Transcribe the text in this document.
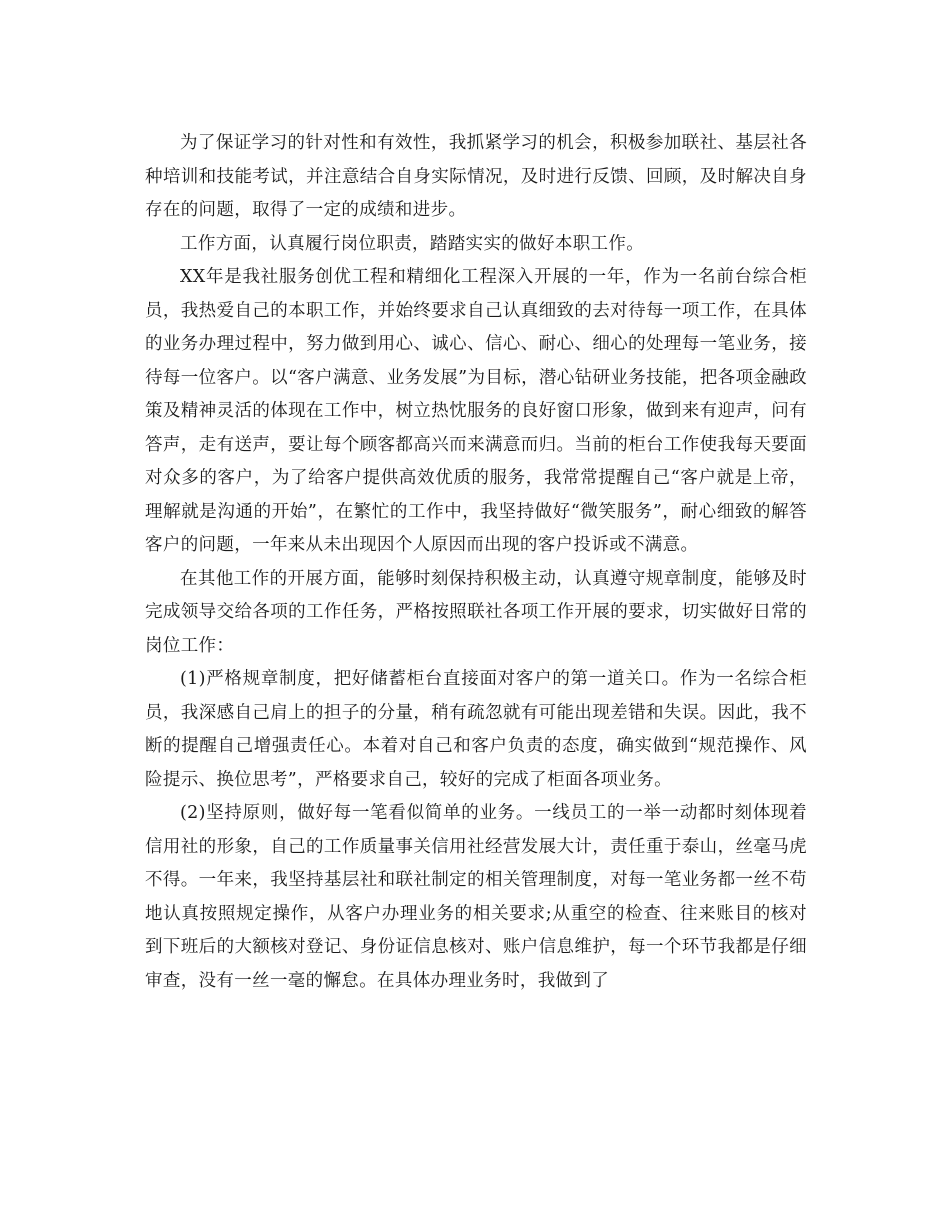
为了保证学习的针对性和有效性，我抓紧学习的机会，积极参加联社、基层社各种培训和技能考试，并注意结合自身实际情况，及时进行反馈、回顾，及时解决自身存在的问题，取得了一定的成绩和进步。

工作方面，认真履行岗位职责，踏踏实实的做好本职工作。

XX年是我社服务创优工程和精细化工程深入开展的一年，作为一名前台综合柜员，我热爱自己的本职工作，并始终要求自己认真细致的去对待每一项工作，在具体的业务办理过程中，努力做到用心、诚心、信心、耐心、细心的处理每一笔业务，接待每一位客户。以“客户满意、业务发展”为目标，潜心钻研业务技能，把各项金融政策及精神灵活的体现在工作中，树立热忱服务的良好窗口形象，做到来有迎声，问有答声，走有送声，要让每个顾客都高兴而来满意而归。当前的柜台工作使我每天要面对众多的客户，为了给客户提供高效优质的服务，我常常提醒自己“客户就是上帝，理解就是沟通的开始”，在繁忙的工作中，我坚持做好“微笑服务”，耐心细致的解答客户的问题，一年来从未出现因个人原因而出现的客户投诉或不满意。

在其他工作的开展方面，能够时刻保持积极主动，认真遵守规章制度，能够及时完成领导交给各项的工作任务，严格按照联社各项工作开展的要求，切实做好日常的岗位工作：

(1)严格规章制度，把好储蓄柜台直接面对客户的第一道关口。作为一名综合柜员，我深感自己肩上的担子的分量，稍有疏忽就有可能出现差错和失误。因此，我不断的提醒自己增强责任心。本着对自己和客户负责的态度，确实做到“规范操作、风险提示、换位思考”，严格要求自己，较好的完成了柜面各项业务。

(2)坚持原则，做好每一笔看似简单的业务。一线员工的一举一动都时刻体现着信用社的形象，自己的工作质量事关信用社经营发展大计，责任重于泰山，丝毫马虎不得。一年来，我坚持基层社和联社制定的相关管理制度，对每一笔业务都一丝不苟地认真按照规定操作，从客户办理业务的相关要求;从重空的检查、往来账目的核对到下班后的大额核对登记、身份证信息核对、账户信息维护，每一个环节我都是仔细审查，没有一丝一毫的懈怠。在具体办理业务时，我做到了
